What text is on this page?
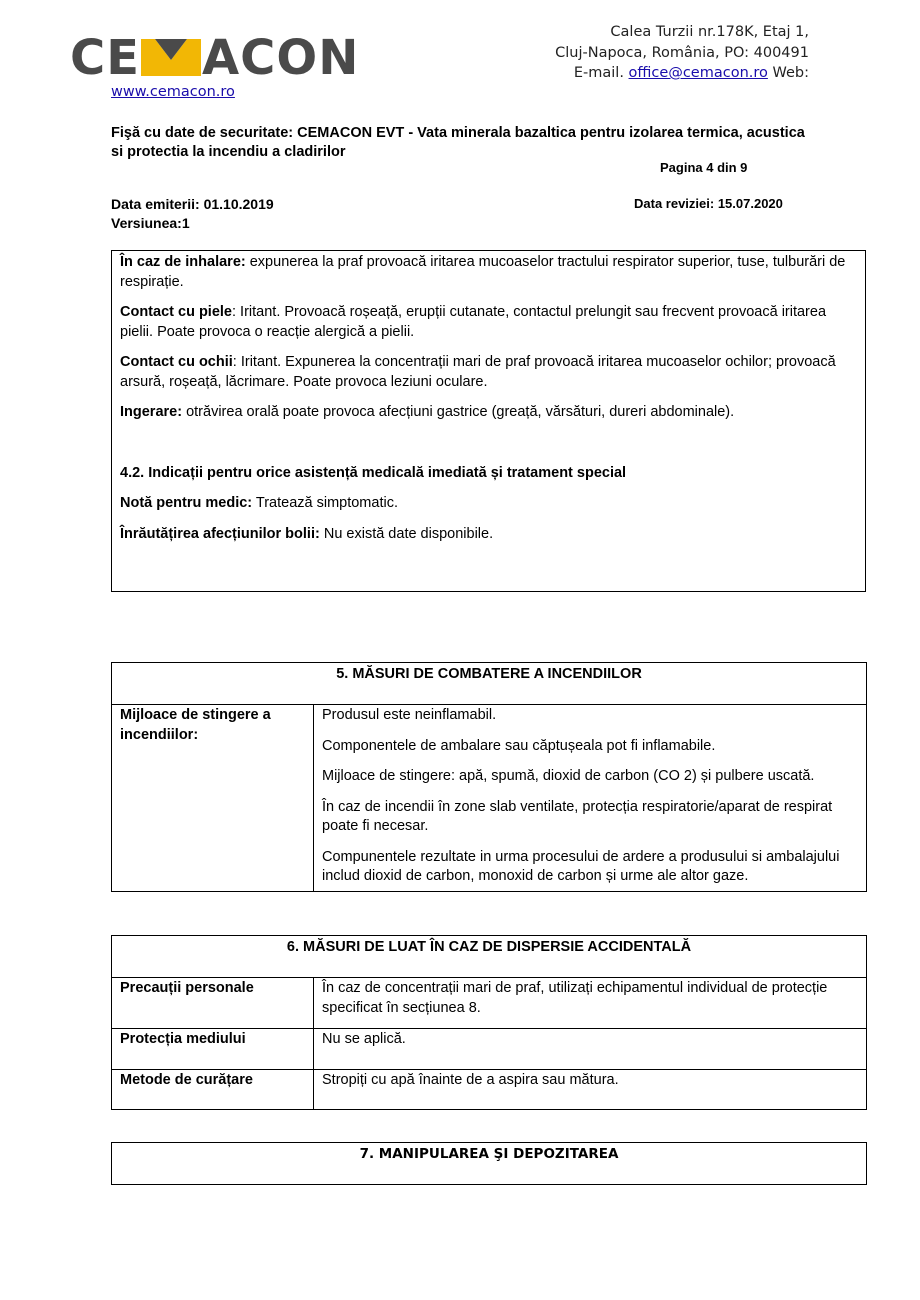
CE ACON	Calea Turzii nr.178K, Etaj 1,
Cluj-Napoca, România, PO: 400491
E-mail. office@cemacon.ro Web:
www.cemacon.ro
Fişă cu date de securitate: CEMACON EVT - Vata minerala bazaltica pentru izolarea termica, acustica si protectia la incendiu a cladirilor
Pagina 4 din 9
Data emiterii: 01.10.2019
Versiunea:1
Data reviziei: 15.07.2020

În caz de inhalare: expunerea la praf provoacă iritarea mucoaselor tractului respirator superior, tuse, tulburări de respirație.

Contact cu piele: Iritant. Provoacă roșeață, erupții cutanate, contactul prelungit sau frecvent provoacă iritarea pielii. Poate provoca o reacție alergică a pielii.

Contact cu ochii: Iritant. Expunerea la concentrații mari de praf provoacă iritarea mucoaselor ochilor; provoacă arsură, roșeață, lăcrimare. Poate provoca leziuni oculare.

Ingerare: otrăvirea orală poate provoca afecțiuni gastrice (greață, vărsături, dureri abdominale).

4.2. Indicații pentru orice asistență medicală imediată și tratament special

Notă pentru medic: Tratează simptomatic.

Înrăutățirea afecțiunilor bolii: Nu există date disponibile.

5. MĂSURI DE COMBATERE A INCENDIILOR
Mijloace de stingere a incendiilor:	

Produsul este neinflamabil.

Componentele de ambalare sau căptușeala pot fi inflamabile.

Mijloace de stingere: apă, spumă, dioxid de carbon (CO 2) și pulbere uscată.

În caz de incendii în zone slab ventilate, protecția respiratorie/aparat de respirat poate fi necesar.

Compunentele rezultate in urma procesului de ardere a produsului si ambalajului includ dioxid de carbon, monoxid de carbon și urme ale altor gaze.

6. MĂSURI DE LUAT ÎN CAZ DE DISPERSIE ACCIDENTALĂ
Precauții personale	În caz de concentrații mari de praf, utilizați echipamentul individual de protecție specificat în secțiunea 8.
Protecția mediului	Nu se aplică.
Metode de curățare	Stropiți cu apă înainte de a aspira sau mătura.
7. MANIPULAREA ŞI DEPOZITAREA
